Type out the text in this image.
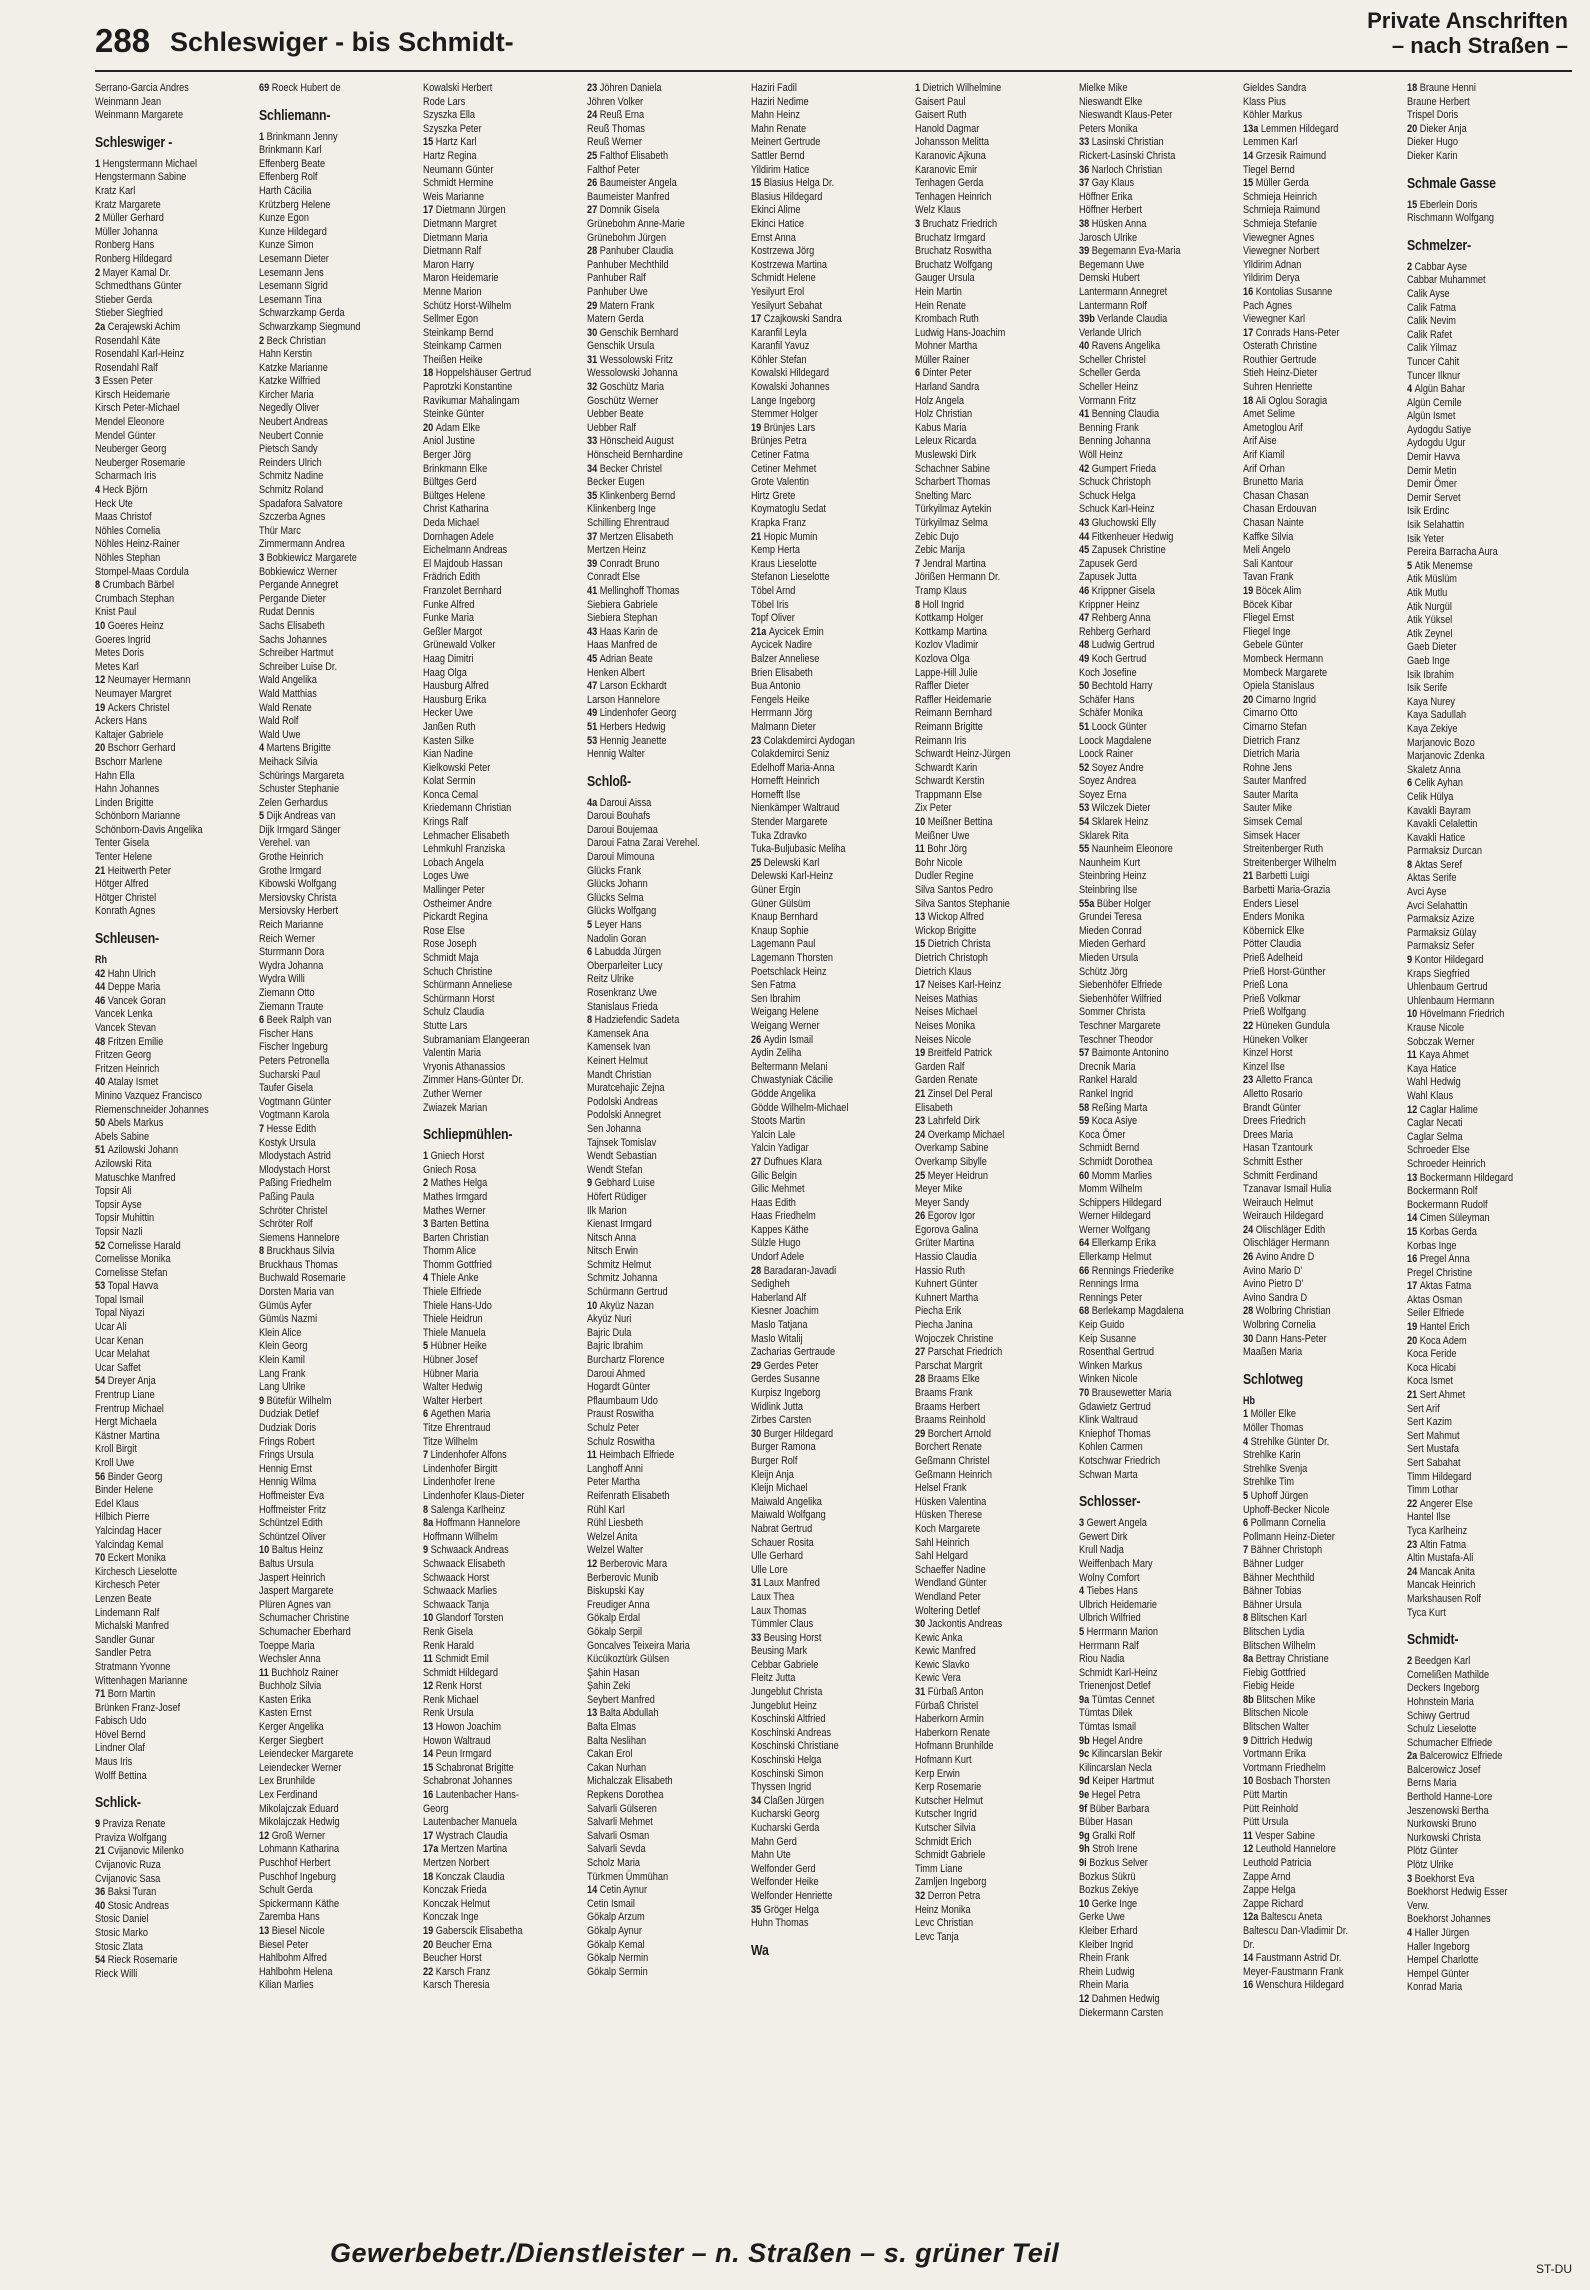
288 Schleswiger - bis Schmidt-
Private Anschriften
– nach Straßen –
Serrano-Garcia Andres
Weinmann Jean
Weinmann Margarete
Schleswiger -
1 Hengstermann Michael
Hengstermann Sabine
Kratz Karl
Kratz Margarete
2 Müller Gerhard
Müller Johanna
Ronberg Hans
Ronberg Hildegard
2 Mayer Kamal Dr.
Schmedthans Günter
Stieber Gerda
Stieber Siegfried
2a Cerajewski Achim
Rosendahl Käte
Rosendahl Karl-Heinz
Rosendahl Ralf
3 Essen Peter
Kirsch Heidemarie
Kirsch Peter-Michael
Mendel Eleonore
Mendel Günter
Neuberger Georg
Neuberger Rosemarie
Scharmach Iris
4 Heck Björn
Heck Ute
Maas Christof
Nöhles Cornelia
Nöhles Heinz-Rainer
Nöhles Stephan
Stompel-Maas Cordula
8 Crumbach Bärbel
Crumbach Stephan
Knist Paul
10 Goeres Heinz
Goeres Ingrid
Metes Doris
Metes Karl
12 Neumayer Hermann
Neumayer Margret
19 Ackers Christel
Ackers Hans
Kaltajer Gabriele
20 Bschorr Gerhard
Bschorr Marlene
Hahn Ella
Hahn Johannes
Linden Brigitte
Schönborn Marianne
Schönborn-Davis Angelika
Tenter Gisela
Tenter Helene
21 Heitwerth Peter
Hötger Alfred
Hötger Christel
Konrath Agnes
Schleusen-
Rh
42 Hahn Ulrich
44 Deppe Maria
46 Vancek Goran
Vancek Lenka
Vancek Stevan
48 Fritzen Emilie
Fritzen Georg
Fritzen Heinrich
40 Atalay Ismet
Minino Vazquez Francisco
Riemenschneider Johannes
50 Abels Markus
Abels Sabine
51 Azilowski Johann
Azilowski Rita
Matuschke Manfred
Topsir Ali
Topsir Ayse
Topsir Muhittin
Topsir Nazli
52 Cornelisse Harald
Cornelisse Monika
Cornelisse Stefan
53 Topal Havva
Topal Ismail
Topal Niyazi
Ucar Ali
Ucar Kenan
Ucar Melahat
Ucar Saffet
54 Dreyer Anja
Frentrup Liane
Frentrup Michael
Hergt Michaela
Kästner Martina
Kroll Birgit
Kroll Uwe
56 Binder Georg
Binder Helene
Edel Klaus
Hilbich Pierre
Yalcindag Hacer
Yalcindag Kemal
70 Eckert Monika
Kirchesch Lieselotte
Kirchesch Peter
Lenzen Beate
Lindemann Ralf
Michalski Manfred
Sandler Gunar
Sandler Petra
Stratmann Yvonne
Wittenhagen Marianne
71 Born Martin
Brünken Franz-Josef
Fabisch Udo
Hövel Bernd
Lindner Olaf
Maus Iris
Wolff Bettina
Schlick-
9 Praviza Renate
Praviza Wolfgang
21 Cvijanovic Milenko
Cvijanovic Ruza
Cvijanovic Sasa
36 Baksi Turan
40 Stosic Andreas
Stosic Daniel
Stosic Marko
Stosic Zlata
54 Rieck Rosemarie
Rieck Willi
69 Roeck Hubert de
Schliemann-
1 Brinkmann Jenny
Brinkmann Karl
Effenberg Beate
Effenberg Rolf
Harth Cäcilia
Krützberg Helene
Kunze Egon
Kunze Hildegard
Kunze Simon
Lesemann Dieter
Lesemann Jens
Lesemann Sigrid
Lesemann Tina
Schwarzkamp Gerda
Schwarzkamp Siegmund
2 Beck Christian
Hahn Kerstin
Katzke Marianne
Katzke Wilfried
Kircher Maria
Negedly Oliver
Neubert Andreas
Neubert Connie
Pietsch Sandy
Reinders Ulrich
Schmitz Nadine
Schmitz Roland
Spadafora Salvatore
Szczerba Agnes
Thür Marc
Zimmermann Andrea
3 Bobkiewicz Margarete
Bobkiewicz Werner
Pergande Annegret
Pergande Dieter
Rudat Dennis
Sachs Elisabeth
Sachs Johannes
Schreiber Hartmut
Schreiber Luise Dr.
Wald Angelika
Wald Matthias
Wald Renate
Wald Rolf
Wald Uwe
4 Martens Brigitte
Meihack Silvia
Schürings Margareta
Schuster Stephanie
Zelen Gerhardus
5 Dijk Andreas van
Dijk Irmgard Sänger
Verehel. van
Grothe Heinrich
Grothe Irmgard
Kibowski Wolfgang
Mersiovsky Christa
Mersiovsky Herbert
Reich Marianne
Reich Werner
Sturrmann Dora
Wydra Johanna
Wydra Willi
Ziemann Otto
Ziemann Traute
6 Beek Ralph van
Fischer Hans
Fischer Ingeburg
Peters Petronella
Sucharski Paul
Taufer Gisela
Vogtmann Günter
Vogtmann Karola
7 Hesse Edith
Kostyk Ursula
Mlodystach Astrid
Mlodystach Horst
Paßing Friedhelm
Paßing Paula
Schröter Christel
Schröter Rolf
Siemens Hannelore
8 Bruckhaus Silvia
Bruckhaus Thomas
Buchwald Rosemarie
Dorsten Maria van
Gümüs Ayfer
Gümüs Nazmi
Klein Alice
Klein Georg
Klein Kamil
Lang Frank
Lang Ulrike
9 Bütefür Wilhelm
Dudziak Detlef
Dudziak Doris
Frings Robert
Frings Ursula
Hennig Ernst
Hennig Wilma
Hoffmeister Eva
Hoffmeister Fritz
Schüntzel Edith
Schüntzel Oliver
10 Baltus Heinz
Baltus Ursula
Jaspert Heinrich
Jaspert Margarete
Plüren Agnes van
Schumacher Christine
Schumacher Eberhard
Toeppe Maria
Wechsler Anna
11 Buchholz Rainer
Buchholz Silvia
Kasten Erika
Kasten Ernst
Kerger Angelika
Kerger Siegbert
Leiendecker Margarete
Leiendecker Werner
Lex Brunhilde
Lex Ferdinand
Mikolajczak Eduard
Mikolajczak Hedwig
12 Groß Werner
Lohmann Katharina
Puschhof Herbert
Puschhof Ingeburg
Schult Gerda
Spickermann Käthe
Zaremba Hans
13 Biesel Nicole
Biesel Peter
Hahlbohm Alfred
Hahlbohm Helena
Kilian Marlies
Kowalski Herbert
Rode Lars
Szyszka Ella
Szyszka Peter
15 Hartz Karl
Hartz Regina
Neumann Günter
Schmidt Hermine
Weis Marianne
17 Dietmann Jürgen
Dietmann Margret
Dietmann Maria
Dietmann Ralf
Maron Harry
Maron Heidemarie
Menne Marion
Schütz Horst-Wilhelm
Sellmer Egon
Steinkamp Bernd
Steinkamp Carmen
Theißen Heike
18 Hoppelshäuser Gertrud
Paprotzki Konstantine
Ravikumar Mahalingam
Steinke Günter
20 Adam Elke
Aniol Justine
Berger Jörg
Brinkmann Elke
Bültges Gerd
Bültges Helene
Christ Katharina
Deda Michael
Dornhagen Adele
Eichelmann Andreas
El Majdoub Hassan
Frädrich Edith
Franzolet Bernhard
Funke Alfred
Funke Maria
Geßler Margot
Grünewald Volker
Haag Dimitri
Haag Olga
Hausburg Alfred
Hausburg Erika
Hecker Uwe
Janßen Ruth
Kasten Silke
Kian Nadine
Kielkowski Peter
Kolat Sermin
Konca Cemal
Kriedemann Christian
Krings Ralf
Lehmacher Elisabeth
Lehmkuhl Franziska
Lobach Angela
Loges Uwe
Mallinger Peter
Ostheimer Andre
Pickardt Regina
Rose Else
Rose Joseph
Schmidt Maja
Schuch Christine
Schürmann Anneliese
Schürmann Horst
Schulz Claudia
Stutte Lars
Subramaniam Elangeeran
Valentin Maria
Vryonis Athanassios
Zimmer Hans-Günter Dr.
Zuther Werner
Zwiazek Marian
Schliepmühlen-
1 Gniech Horst
Gniech Rosa
2 Mathes Helga
Mathes Irmgard
Mathes Werner
3 Barten Bettina
Barten Christian
Thomm Alice
Thomm Gottfried
4 Thiele Anke
Thiele Elfriede
Thiele Hans-Udo
Thiele Heidrun
Thiele Manuela
5 Hübner Heike
Hübner Josef
Hübner Maria
Walter Hedwig
Walter Herbert
6 Agethen Maria
Titze Ehrentraud
Titze Wilhelm
7 Lindenhofer Alfons
Lindenhofer Birgitt
Lindenhofer Irene
Lindenhofer Klaus-Dieter
8 Salenga Karlheinz
8a Hoffmann Hannelore
Hoffmann Wilhelm
9 Schwaack Andreas
Schwaack Elisabeth
Schwaack Horst
Schwaack Marlies
Schwaack Tanja
10 Glandorf Torsten
Renk Gisela
Renk Harald
11 Schmidt Emil
Schmidt Hildegard
12 Renk Horst
Renk Michael
Renk Ursula
13 Howon Joachim
Howon Waltraud
14 Peun Irmgard
15 Schabronat Brigitte
Schabronat Johannes
16 Lautenbacher Hans-
Georg
Lautenbacher Manuela
17 Wystrach Claudia
17a Mertzen Martina
Mertzen Norbert
18 Konczak Claudia
Konczak Frieda
Konczak Helmut
Konczak Inge
19 Gaberscik Elisabetha
20 Beucher Erna
Beucher Horst
22 Karsch Franz
Karsch Theresia
23 Jöhren Daniela
Jöhren Volker
24 Reuß Erna
Reuß Thomas
Reuß Werner
25 Falthof Elisabeth
Falthof Peter
26 Baumeister Angela
Baumeister Manfred
27 Domnik Gisela
Grünebohm Anne-Marie
Grünebohm Jürgen
28 Panhuber Claudia
Panhuber Mechthild
Panhuber Ralf
Panhuber Uwe
29 Matern Frank
Matern Gerda
30 Genschik Bernhard
Genschik Ursula
31 Wessolowski Fritz
Wessolowski Johanna
32 Goschütz Maria
Goschütz Werner
Uebber Beate
Uebber Ralf
33 Hönscheid August
Hönscheid Bernhardine
34 Becker Christel
Becker Eugen
35 Klinkenberg Bernd
Klinkenberg Inge
Schilling Ehrentraud
37 Mertzen Elisabeth
Mertzen Heinz
39 Conradt Bruno
Conradt Else
41 Mellinghoff Thomas
Siebiera Gabriele
Siebiera Stephan
43 Haas Karin de
Haas Manfred de
45 Adrian Beate
Henken Albert
47 Larson Eckhardt
Larson Hannelore
49 Lindenhofer Georg
51 Herbers Hedwig
53 Hennig Jeanette
Hennig Walter
Schloß-
4a Daroui Aissa
Daroui Bouhafs
Daroui Boujemaa
Daroui Fatna Zarai Verehel.
Daroui Mimouna
Glücks Frank
Glücks Johann
Glücks Selma
Glücks Wolfgang
5 Leyer Hans
Nadolin Goran
6 Labudda Jürgen
Oberparleiter Lucy
Reitz Ulrike
Rosenkranz Uwe
Stanislaus Frieda
8 Hadziefendic Sadeta
Kamensek Ana
Kamensek Ivan
Keinert Helmut
Mandt Christian
Muratcehajic Zejna
Podolski Andreas
Podolski Annegret
Sen Johanna
Tajnsek Tomislav
Wendt Sebastian
Wendt Stefan
9 Gebhard Luise
Höfert Rüdiger
Ilk Marion
Kienast Irmgard
Nitsch Anna
Nitsch Erwin
Schmitz Helmut
Schmitz Johanna
Schürmann Gertrud
10 Akyüz Nazan
Akyüz Nuri
Bajric Dula
Bajric Ibrahim
Burchartz Florence
Daroui Ahmed
Hogardt Günter
Pflaumbaum Udo
Praust Roswitha
Schulz Peter
Schulz Roswitha
11 Heimbach Elfriede
Langhoff Anni
Peter Martha
Reifenrath Elisabeth
Rühl Karl
Rühl Liesbeth
Welzel Anita
Welzel Walter
12 Berberovic Mara
Berberovic Munib
Biskupski Kay
Freudiger Anna
Gökalp Erdal
Gökalp Serpil
Goncalves Teixeira Maria
Kücükoztürk Gülsen
Şahin Hasan
Şahin Zeki
Seybert Manfred
13 Balta Abdullah
Balta Elmas
Balta Neslihan
Cakan Erol
Cakan Nurhan
Michalczak Elisabeth
Repkens Dorothea
Salvarli Gülseren
Salvarli Mehmet
Salvarli Osman
Salvarli Sevda
Scholz Maria
Türkmen Ümmühan
14 Cetin Aynur
Cetin Ismail
Gökalp Arzum
Gökalp Aynur
Gökalp Kemal
Gökalp Nermin
Gökalp Sermin
Haziri Fadil
Haziri Nedime
Mahn Heinz
Mahn Renate
Meinert Gertrude
Sattler Bernd
Yildirim Hatice
15 Blasius Helga Dr.
Blasius Hildegard
Ekinci Alime
Ekinci Hatice
Ernst Anna
Kostrzewa Jörg
Kostrzewa Martina
Schmidt Helene
Yesilyurt Erol
Yesilyurt Sebahat
17 Czajkowski Sandra
Karanfil Leyla
Karanfil Yavuz
Köhler Stefan
Kowalski Hildegard
Kowalski Johannes
Lange Ingeborg
Stemmer Holger
19 Brünjes Lars
Brünjes Petra
Cetiner Fatma
Cetiner Mehmet
Grote Valentin
Hirtz Grete
Koymatoglu Sedat
Krapka Franz
21 Hopic Mumin
Kemp Herta
Kraus Lieselotte
Stefanon Lieselotte
Töbel Arnd
Töbel Iris
Topf Oliver
21a Aycicek Emin
Aycicek Nadire
Balzer Anneliese
Brien Elisabeth
Bua Antonio
Fengels Heike
Herrmann Jörg
Malmann Dieter
23 Colakdemirci Aydogan
Colakdemirci Seniz
Edelhoff Maria-Anna
Hornefft Heinrich
Hornefft Ilse
Nienkämper Waltraud
Stender Margarete
Tuka Zdravko
Tuka-Buljubasic Meliha
25 Delewski Karl
Delewski Karl-Heinz
Güner Ergin
Güner Gülsüm
Knaup Bernhard
Knaup Sophie
Lagemann Paul
Lagemann Thorsten
Poetschlack Heinz
Sen Fatma
Sen Ibrahim
Weigang Helene
Weigang Werner
26 Aydin Ismail
Aydin Zeliha
Beltermann Melani
Chwastyniak Cäcilie
Gödde Angelika
Gödde Wilhelm-Michael
Stoots Martin
Yalcin Lale
Yalcin Yadigar
27 Dufhues Klara
Gilic Belgin
Gilic Mehmet
Haas Edith
Haas Friedhelm
Kappes Käthe
Sülzle Hugo
Undorf Adele
28 Baradaran-Javadi
Sedigheh
Haberland Alf
Kiesner Joachim
Maslo Tatjana
Maslo Witalij
Zacharias Gertraude
29 Gerdes Peter
Gerdes Susanne
Kurpisz Ingeborg
Widlink Jutta
Zirbes Carsten
30 Burger Hildegard
Burger Ramona
Burger Rolf
Kleijn Anja
Kleijn Michael
Maiwald Angelika
Maiwald Wolfgang
Nabrat Gertrud
Schauer Rosita
Ulle Gerhard
Ulle Lore
31 Laux Manfred
Laux Thea
Laux Thomas
Tümmler Claus
33 Beusing Horst
Beusing Mark
Cebbar Gabriele
Fleitz Jutta
Jungeblut Christa
Jungeblut Heinz
Koschinski Altfried
Koschinski Andreas
Koschinski Christiane
Koschinski Helga
Koschinski Simon
Thyssen Ingrid
34 Claßen Jürgen
Kucharski Georg
Kucharski Gerda
Mahn Gerd
Mahn Ute
Welfonder Gerd
Welfonder Heike
Welfonder Henriette
35 Gröger Helga
Huhn Thomas
Wa
1 Dietrich Wilhelmine
Gaisert Paul
Gaisert Ruth
Hanold Dagmar
Johansson Melitta
Karanovic Ajkuna
Karanovic Emir
Tenhagen Gerda
Tenhagen Heinrich
Welz Klaus
3 Bruchatz Friedrich
Bruchatz Irmgard
Bruchatz Roswitha
Bruchatz Wolfgang
Gauger Ursula
Hein Martin
Hein Renate
Krombach Ruth
Ludwig Hans-Joachim
Mohner Martha
Müller Rainer
6 Dinter Peter
Harland Sandra
Holz Angela
Holz Christian
Kabus Maria
Leleux Ricarda
Muslewski Dirk
Schachner Sabine
Scharbert Thomas
Snelting Marc
Türkyilmaz Aytekin
Türkyilmaz Selma
Zebic Dujo
Zebic Marija
7 Jendral Martina
Jörißen Hermann Dr.
Tramp Klaus
8 Holl Ingrid
Kottkamp Holger
Kottkamp Martina
Kozlov Vladimir
Kozlova Olga
Lappe-Hill Julie
Raffler Dieter
Raffler Heidemarie
Reimann Bernhard
Reimann Brigitte
Reimann Iris
Schwardt Heinz-Jürgen
Schwardt Karin
Schwardt Kerstin
Trappmann Else
Zix Peter
10 Meißner Bettina
Meißner Uwe
11 Bohr Jörg
Bohr Nicole
Dudler Regine
Silva Santos Pedro
Silva Santos Stephanie
13 Wickop Alfred
Wickop Brigitte
15 Dietrich Christa
Dietrich Christoph
Dietrich Klaus
17 Neises Karl-Heinz
Neises Mathias
Neises Michael
Neises Monika
Neises Nicole
19 Breitfeld Patrick
Garden Ralf
Garden Renate
21 Zinsel Del Peral
Elisabeth
23 Lahrfeld Dirk
24 Overkamp Michael
Overkamp Sabine
Overkamp Sibylle
25 Meyer Heidrun
Meyer Mike
Meyer Sandy
26 Egorov Igor
Egorova Galina
Grüter Martina
Hassio Claudia
Hassio Ruth
Kuhnert Günter
Kuhnert Martha
Piecha Erik
Piecha Janina
Wojoczek Christine
27 Parschat Friedrich
Parschat Margrit
28 Braams Elke
Braams Frank
Braams Herbert
Braams Reinhold
29 Borchert Arnold
Borchert Renate
Geßmann Christel
Geßmann Heinrich
Helsel Frank
Hüsken Valentina
Hüsken Therese
Koch Margarete
Sahl Heinrich
Sahl Helgard
Schaeffer Nadine
Wendland Günter
Wendland Peter
Woltering Detlef
30 Jackontis Andreas
Kewic Anka
Kewic Manfred
Kewic Slavko
Kewic Vera
31 Fürbaß Anton
Fürbaß Christel
Haberkorn Armin
Haberkorn Renate
Hofmann Brunhilde
Hofmann Kurt
Kerp Erwin
Kerp Rosemarie
Kutscher Helmut
Kutscher Ingrid
Kutscher Silvia
Schmidt Erich
Schmidt Gabriele
Timm Liane
Zamljen Ingeborg
32 Derron Petra
Heinz Monika
Levc Christian
Levc Tanja
Mielke Mike
Nieswandt Elke
Nieswandt Klaus-Peter
Peters Monika
33 Lasinski Christian
Rickert-Lasinski Christa
36 Narloch Christian
37 Gay Klaus
Höffner Erika
Höffner Herbert
38 Hüsken Anna
Jarosch Ulrike
39 Begemann Eva-Maria
Begemann Uwe
Demski Hubert
Lantermann Annegret
Lantermann Rolf
39b Verlande Claudia
Verlande Ulrich
40 Ravens Angelika
Scheller Christel
Scheller Gerda
Scheller Heinz
Vormann Fritz
41 Benning Claudia
Benning Frank
Benning Johanna
Wöll Heinz
42 Gumpert Frieda
Schuck Christoph
Schuck Helga
Schuck Karl-Heinz
43 Gluchowski Elly
44 Fitkenheuer Hedwig
45 Zapusek Christine
Zapusek Gerd
Zapusek Jutta
46 Krippner Gisela
Krippner Heinz
47 Rehberg Anna
Rehberg Gerhard
48 Ludwig Gertrud
49 Koch Gertrud
Koch Josefine
50 Bechtold Harry
Schäfer Hans
Schäfer Monika
51 Loock Günter
Loock Magdalene
Loock Rainer
52 Soyez Andre
Soyez Andrea
Soyez Erna
53 Wilczek Dieter
54 Sklarek Heinz
Sklarek Rita
55 Naunheim Eleonore
Naunheim Kurt
Steinbring Heinz
Steinbring Ilse
55a Büber Holger
Grundei Teresa
Mieden Conrad
Mieden Gerhard
Mieden Ursula
Schütz Jörg
Siebenhöfer Elfriede
Siebenhöfer Wilfried
Sommer Christa
Teschner Margarete
Teschner Theodor
57 Baimonte Antonino
Drecnik Maria
Rankel Harald
Rankel Ingrid
58 Reßing Marta
59 Koca Asiye
Koca Ömer
Schmidt Bernd
Schmidt Dorothea
60 Momm Marlies
Momm Wilhelm
Schippers Hildegard
Werner Hildegard
Werner Wolfgang
64 Ellerkamp Erika
Ellerkamp Helmut
66 Rennings Friederike
Rennings Irma
Rennings Peter
68 Berlekamp Magdalena
Keip Guido
Keip Susanne
Rosenthal Gertrud
Winken Markus
Winken Nicole
70 Brausewetter Maria
Gdawietz Gertrud
Klink Waltraud
Kniephof Thomas
Kohlen Carmen
Kotschwar Friedrich
Schwan Marta
Schlosser-
3 Gewert Angela
Gewert Dirk
Krull Nadja
Weiffenbach Mary
Wolny Comfort
4 Tiebes Hans
Ulbrich Heidemarie
Ulbrich Wilfried
5 Herrmann Marion
Herrmann Ralf
Riou Nadia
Schmidt Karl-Heinz
Trienenjost Detlef
9a Tümtas Cennet
Tümtas Dilek
Tümtas Ismail
9b Hegel Andre
9c Kilincarslan Bekir
Kilincarslan Necla
9d Keiper Hartmut
9e Hegel Petra
9f Büber Barbara
Büber Hasan
9g Gralki Rolf
9h Stroh Irene
9i Bozkus Selver
Bozkus Sükrü
Bozkus Zekiye
10 Gerke Inge
Gerke Uwe
Kleiber Erhard
Kleiber Ingrid
Rhein Frank
Rhein Ludwig
Rhein Maria
12 Dahmen Hedwig
Diekermann Carsten
Gieldes Sandra
Klass Pius
Köhler Markus
13a Lemmen Hildegard
Lemmen Karl
14 Grzesik Raimund
Tiegel Bernd
15 Müller Gerda
Schmieja Heinrich
Schmieja Raimund
Schmieja Stefanie
Viewegner Agnes
Viewegner Norbert
Yildirim Adnan
Yildirim Derya
16 Kontolias Susanne
Pach Agnes
Viewegner Karl
17 Conrads Hans-Peter
Osterath Christine
Routhier Gertrude
Stieh Heinz-Dieter
Suhren Henriette
18 Ali Oglou Soragia
Amet Selime
Ametoglou Arif
Arif Aise
Arif Kiamil
Arif Orhan
Brunetto Maria
Chasan Chasan
Chasan Erdouvan
Chasan Nainte
Kaffke Silvia
Meli Angelo
Sali Kantour
Tavan Frank
19 Böcek Alim
Böcek Kibar
Fliegel Ernst
Fliegel Inge
Gebele Günter
Mombeck Hermann
Mombeck Margarete
Opiela Stanislaus
20 Cimarno Ingrid
Cimarno Otto
Cimarno Stefan
Dietrich Franz
Dietrich Maria
Rohne Jens
Sauter Manfred
Sauter Marita
Sauter Mike
Simsek Cemal
Simsek Hacer
Streitenberger Ruth
Streitenberger Wilhelm
21 Barbetti Luigi
Barbetti Maria-Grazia
Enders Liesel
Enders Monika
Köbernick Elke
Pötter Claudia
Prieß Adelheid
Prieß Horst-Günther
Prieß Lona
Prieß Volkmar
Prieß Wolfgang
22 Hüneken Gundula
Hüneken Volker
Kinzel Horst
Kinzel Ilse
23 Alletto Franca
Alletto Rosario
Brandt Günter
Drees Friedrich
Drees Maria
Hasan Tzantourk
Schmitt Esther
Schmitt Ferdinand
Tzanavar Ismail Hulia
Weirauch Helmut
Weirauch Hildegard
24 Olischläger Edith
Olischläger Hermann
26 Avino Andre D
Avino Mario D'
Avino Pietro D'
Avino Sandra D
28 Wolbring Christian
Wolbring Cornelia
30 Dann Hans-Peter
Maaßen Maria
Schlotweg
Hb
1 Möller Elke
Möller Thomas
4 Strehlke Günter Dr.
Strehlke Karin
Strehlke Svenja
Strehlke Tim
5 Uphoff Jürgen
Uphoff-Becker Nicole
6 Pollmann Cornelia
Pollmann Heinz-Dieter
7 Bähner Christoph
Bähner Ludger
Bähner Mechthild
Bähner Tobias
Bähner Ursula
8 Blitschen Karl
Blitschen Lydia
Blitschen Wilhelm
8a Bettray Christiane
Fiebig Gottfried
Fiebig Heide
8b Blitschen Mike
Blitschen Nicole
Blitschen Walter
9 Dittrich Hedwig
Vortmann Erika
Vortmann Friedhelm
10 Bosbach Thorsten
Pütt Martin
Pütt Reinhold
Pütt Ursula
11 Vesper Sabine
12 Leuthold Hannelore
Leuthold Patricia
Zappe Arnd
Zappe Helga
Zappe Richard
12a Baltescu Aneta
Baltescu Dan-Vladimir Dr.
Dr.
14 Faustmann Astrid Dr.
Meyer-Faustmann Frank
16 Wenschura Hildegard
18 Braune Henni
Braune Herbert
Trispel Doris
20 Dieker Anja
Dieker Hugo
Dieker Karin
Schmale Gasse
15 Eberlein Doris
Rischmann Wolfgang
Schmelzer-
2 Cabbar Ayse
Cabbar Muhammet
Calik Ayse
Calik Fatma
Calik Nevim
Calik Rafet
Calik Yilmaz
Tuncer Cahit
Tuncer Ilknur
4 Algün Bahar
Algün Cemile
Algün Ismet
Aydogdu Satiye
Aydogdu Ugur
Demir Havva
Demir Metin
Demir Ömer
Demir Servet
Isik Erdinc
Isik Selahattin
Isik Yeter
Pereira Barracha Aura
5 Atik Menemse
Atik Müslüm
Atik Mutlu
Atik Nurgül
Atik Yüksel
Atik Zeynel
Gaeb Dieter
Gaeb Inge
Isik Ibrahim
Isik Serife
Kaya Nurey
Kaya Sadullah
Kaya Zekiye
Marjanovic Bozo
Marjanovic Zdenka
Skaletz Anna
6 Celik Ayhan
Celik Hülya
Kavakli Bayram
Kavakli Celalettin
Kavakli Hatice
Parmaksiz Durcan
8 Aktas Seref
Aktas Serife
Avci Ayse
Avci Selahattin
Parmaksiz Azize
Parmaksiz Gülay
Parmaksiz Sefer
9 Kontor Hildegard
Kraps Siegfried
Uhlenbaum Gertrud
Uhlenbaum Hermann
10 Hövelmann Friedrich
Krause Nicole
Sobczak Werner
11 Kaya Ahmet
Kaya Hatice
Wahl Hedwig
Wahl Klaus
12 Caglar Halime
Caglar Necati
Caglar Selma
Schroeder Else
Schroeder Heinrich
13 Bockermann Hildegard
Bockermann Rolf
Bockermann Rudolf
14 Cimen Süleyman
15 Korbas Gerda
Korbas Inge
16 Pregel Anna
Pregel Christine
17 Aktas Fatma
Aktas Osman
Seiler Elfriede
19 Hantel Erich
20 Koca Adem
Koca Feride
Koca Hicabi
Koca Ismet
21 Sert Ahmet
Sert Arif
Sert Kazim
Sert Mahmut
Sert Mustafa
Sert Sabahat
Timm Hildegard
Timm Lothar
22 Angerer Else
Hantel Ilse
Tyca Karlheinz
23 Altin Fatma
Altin Mustafa-Ali
24 Mancak Anita
Mancak Heinrich
Markshausen Rolf
Tyca Kurt
Schmidt-
2 Beedgen Karl
Cornelißen Mathilde
Deckers Ingeborg
Hohnstein Maria
Schiwy Gertrud
Schulz Lieselotte
Schumacher Elfriede
2a Balcerowicz Elfriede
Balcerowicz Josef
Berns Maria
Berthold Hanne-Lore
Jeszenowski Bertha
Nurkowski Bruno
Nurkowski Christa
Plötz Günter
Plötz Ulrike
3 Boekhorst Eva
Boekhorst Hedwig Esser
Verw.
Boekhorst Johannes
4 Haller Jürgen
Haller Ingeborg
Hempel Charlotte
Hempel Günter
Konrad Maria
Gewerbebetr./Dienstleister – n. Straßen – s. grüner Teil
ST-DU
